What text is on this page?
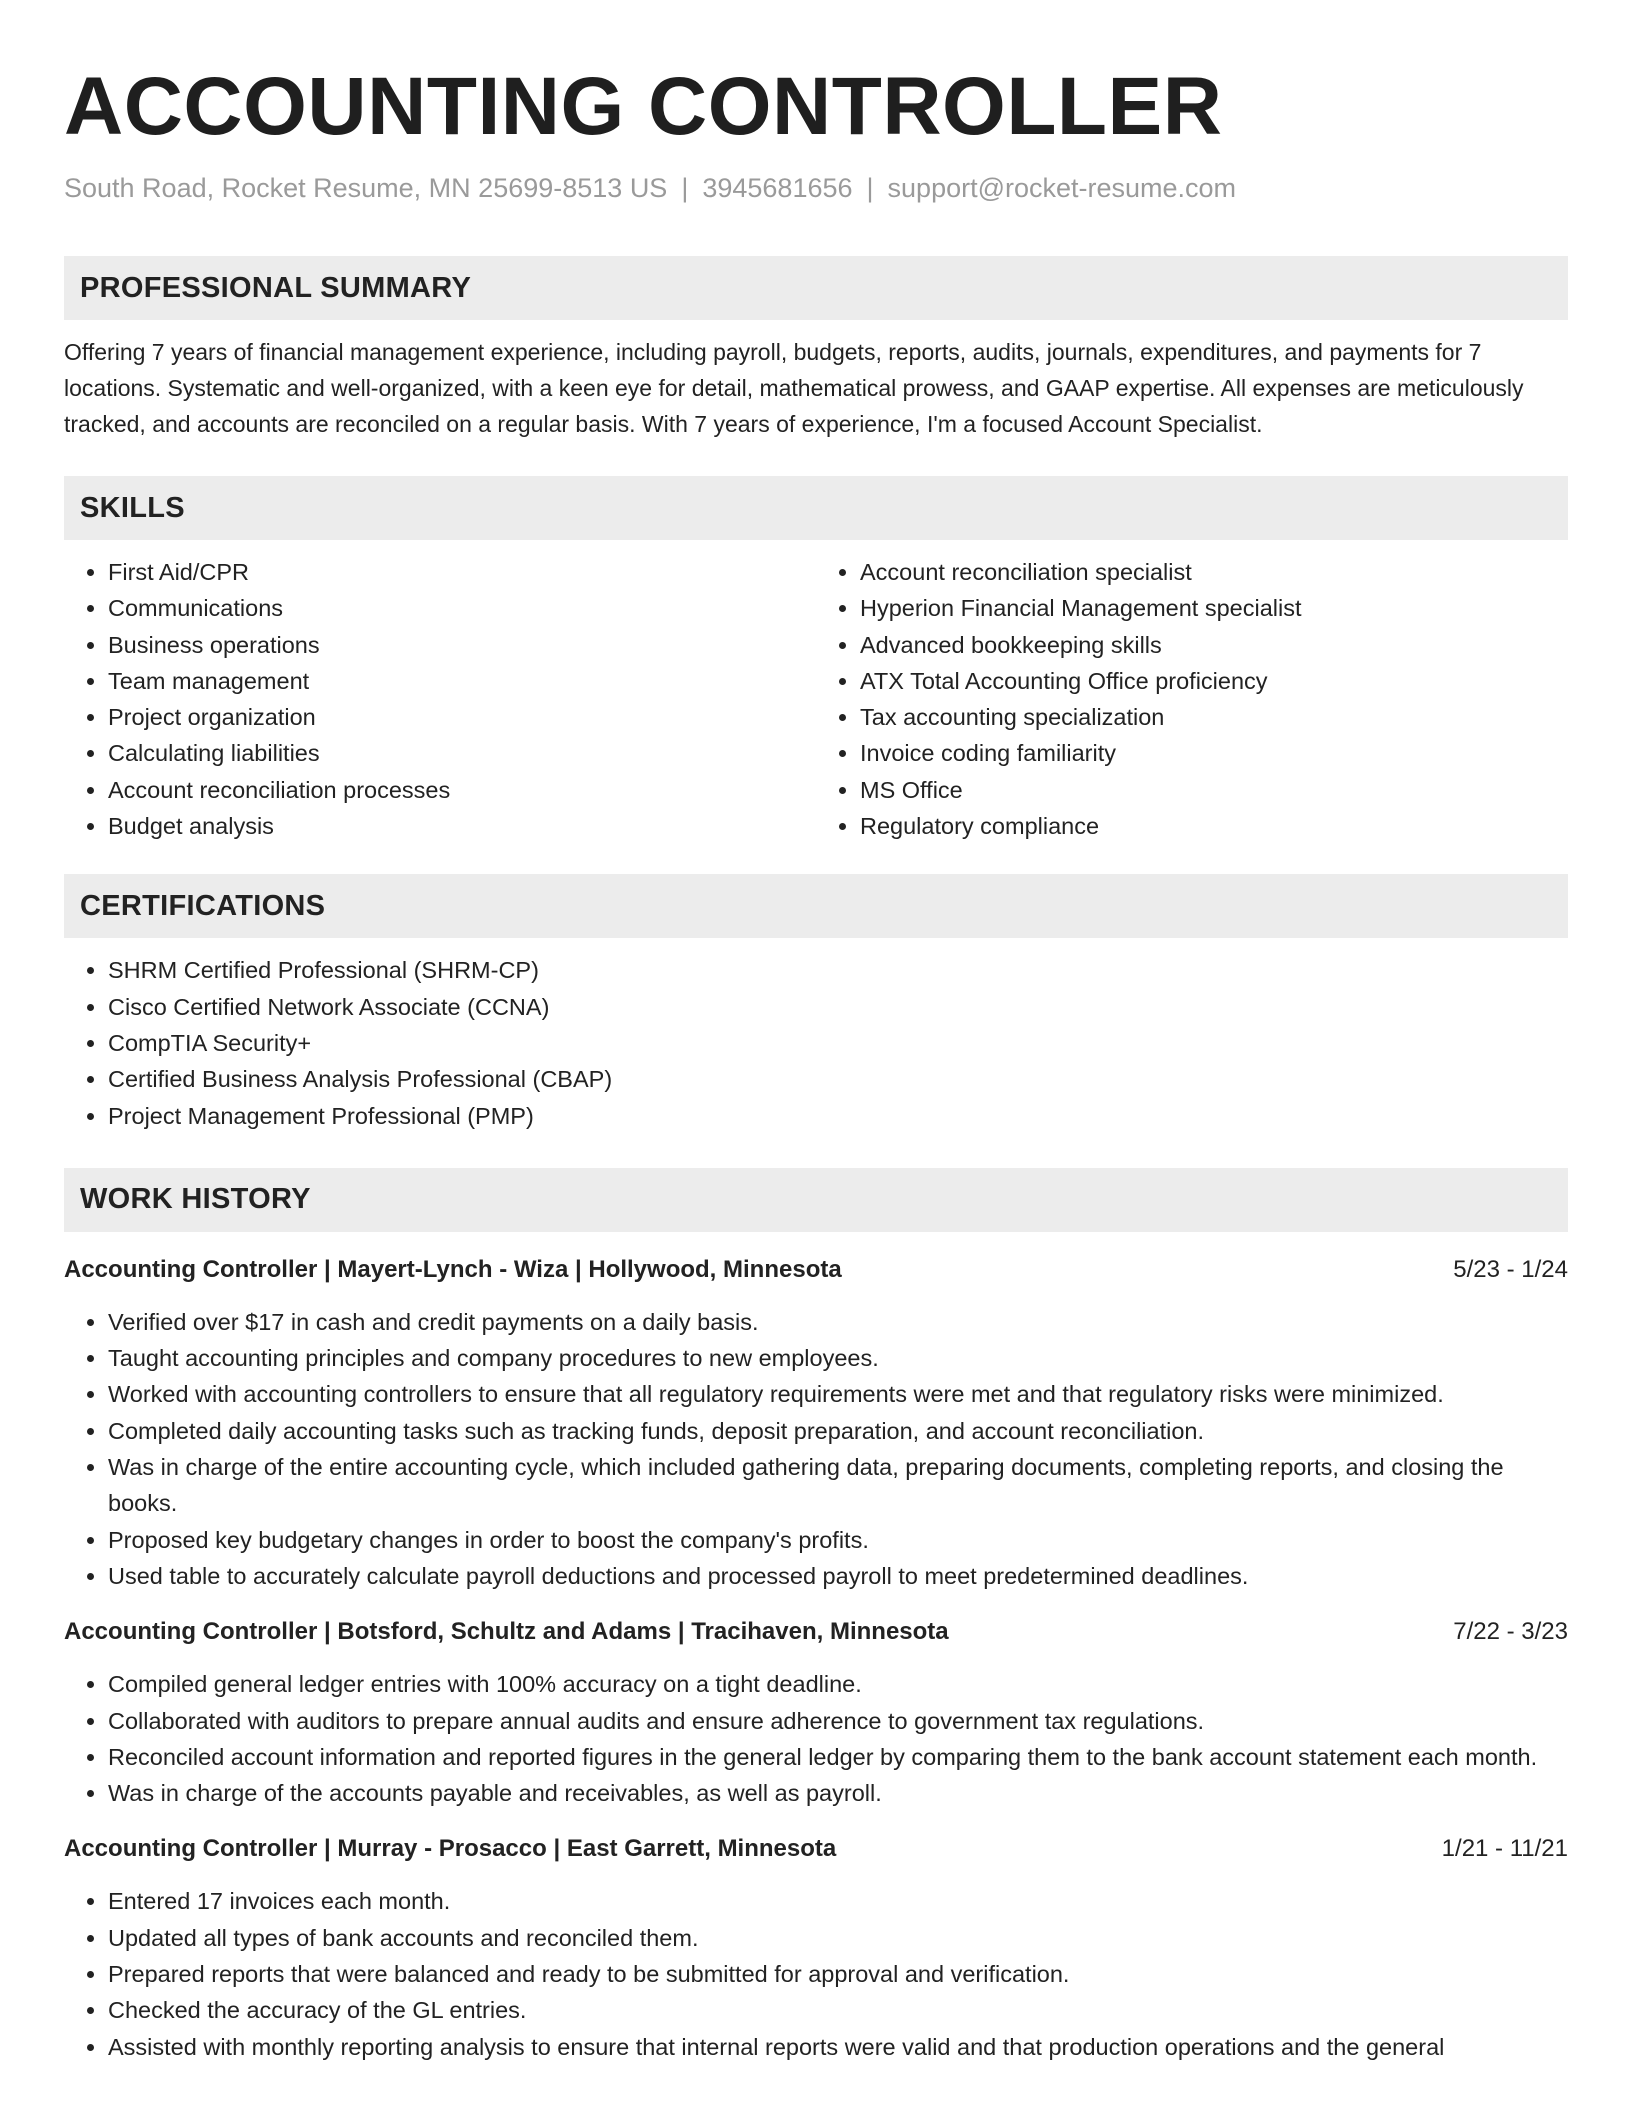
ACCOUNTING CONTROLLER
South Road, Rocket Resume, MN 25699-8513 US | 3945681656 | support@rocket-resume.com
PROFESSIONAL SUMMARY

Offering 7 years of financial management experience, including payroll, budgets, reports, audits, journals, expenditures, and payments for 7 locations. Systematic and well-organized, with a keen eye for detail, mathematical prowess, and GAAP expertise. All expenses are meticulously tracked, and accounts are reconciled on a regular basis. With 7 years of experience, I'm a focused Account Specialist.

SKILLS
• First Aid/CPR
• Communications
• Business operations
• Team management
• Project organization
• Calculating liabilities
• Account reconciliation processes
• Budget analysis
• Account reconciliation specialist
• Hyperion Financial Management specialist
• Advanced bookkeeping skills
• ATX Total Accounting Office proficiency
• Tax accounting specialization
• Invoice coding familiarity
• MS Office
• Regulatory compliance
CERTIFICATIONS
• SHRM Certified Professional (SHRM-CP)
• Cisco Certified Network Associate (CCNA)
• CompTIA Security+
• Certified Business Analysis Professional (CBAP)
• Project Management Professional (PMP)
WORK HISTORY
Accounting Controller | Mayert-Lynch - Wiza | Hollywood, Minnesota	5/23 - 1/24
• Verified over $17 in cash and credit payments on a daily basis.
• Taught accounting principles and company procedures to new employees.
• Worked with accounting controllers to ensure that all regulatory requirements were met and that regulatory risks were minimized.
• Completed daily accounting tasks such as tracking funds, deposit preparation, and account reconciliation.
• Was in charge of the entire accounting cycle, which included gathering data, preparing documents, completing reports, and closing the books.
• Proposed key budgetary changes in order to boost the company's profits.
• Used table to accurately calculate payroll deductions and processed payroll to meet predetermined deadlines.
Accounting Controller | Botsford, Schultz and Adams | Tracihaven, Minnesota	7/22 - 3/23
• Compiled general ledger entries with 100% accuracy on a tight deadline.
• Collaborated with auditors to prepare annual audits and ensure adherence to government tax regulations.
• Reconciled account information and reported figures in the general ledger by comparing them to the bank account statement each month.
• Was in charge of the accounts payable and receivables, as well as payroll.
Accounting Controller | Murray - Prosacco | East Garrett, Minnesota	1/21 - 11/21
• Entered 17 invoices each month.
• Updated all types of bank accounts and reconciled them.
• Prepared reports that were balanced and ready to be submitted for approval and verification.
• Checked the accuracy of the GL entries.
• Assisted with monthly reporting analysis to ensure that internal reports were valid and that production operations and the general
